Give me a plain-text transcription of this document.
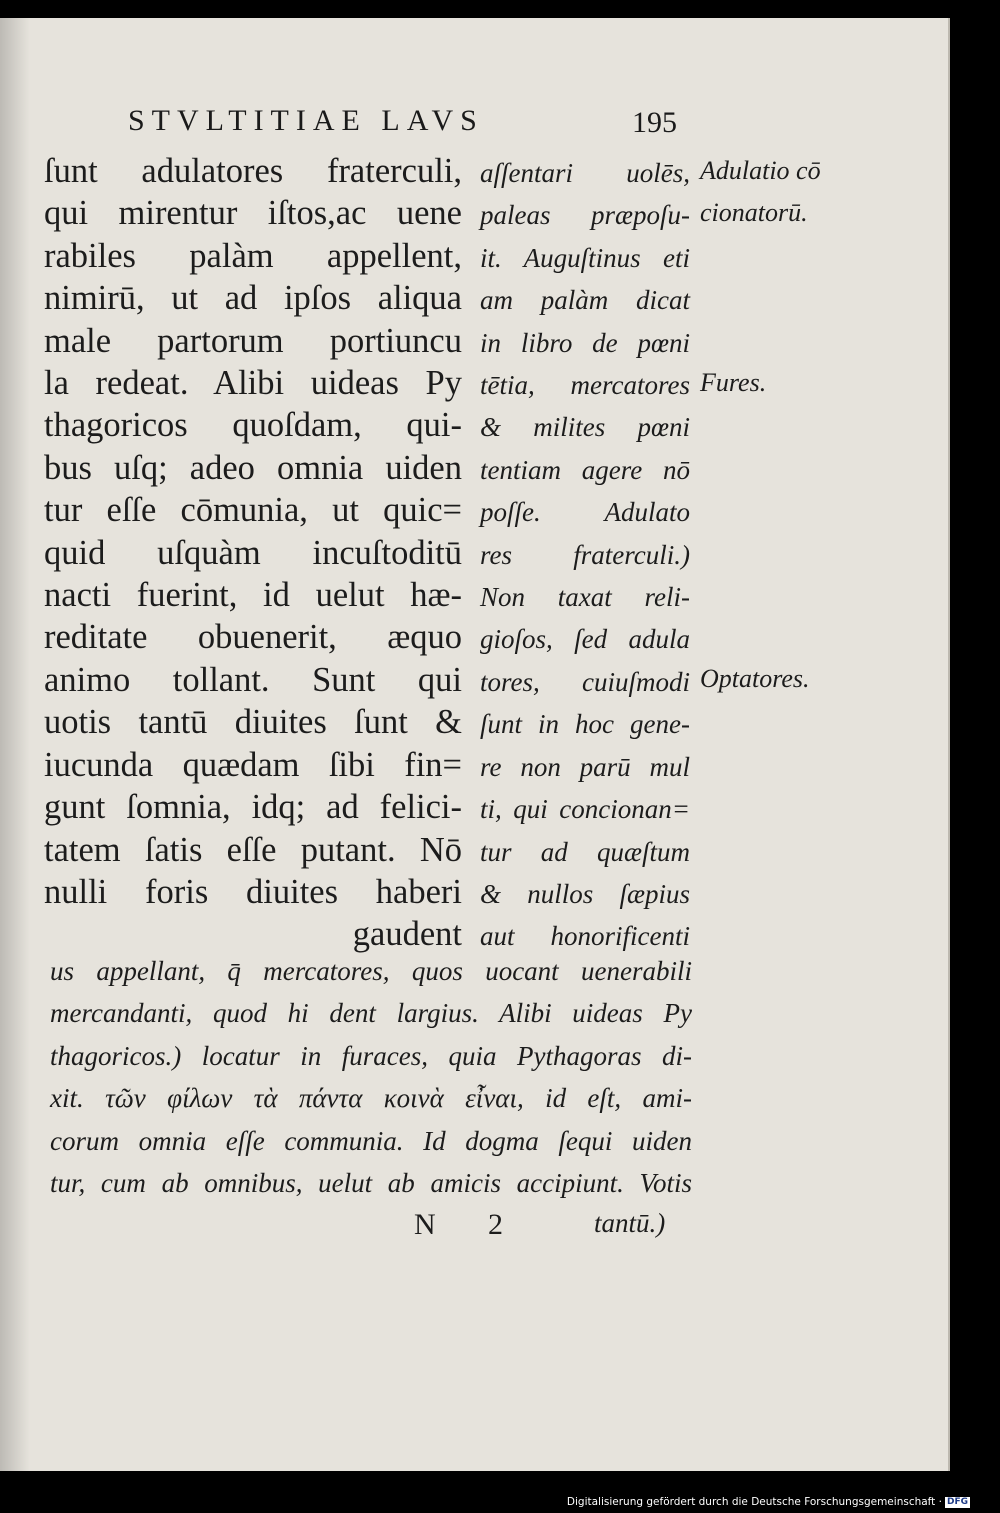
STVLTITIAE LAVS	195
ſunt adulatores fraterculi,
qui mirentur iſtos,ac uene
rabiles palàm appellent,
nimirū, ut ad ipſos aliqua
male partorum portiuncu
la redeat. Alibi uideas Py
thagoricos quoſdam, qui-
bus uſq; adeo omnia uiden
tur eſſe cōmunia, ut quic=
quid uſquàm incuſtoditū
nacti fuerint, id uelut hæ-
reditate obuenerit, æquo
animo tollant. Sunt qui
uotis tantū diuites ſunt &
iucunda quædam ſibi fin=
gunt ſomnia, idq; ad felici-
tatem ſatis eſſe putant. Nō
nulli foris diuites haberi
gaudent
aſſentari uolēs,
paleas præpoſu-
it. Auguſtinus eti
am palàm dicat
in libro de pœni
tētia, mercatores
& milites pœni
tentiam agere nō
poſſe. Adulato
res fraterculi.)
Non taxat reli-
gioſos, ſed adula
tores, cuiuſmodi
ſunt in hoc gene-
re non parū mul
ti, qui concionan=
tur ad quæſtum
& nullos ſæpius
aut honorificenti
Adulatio cō
cionatorū.
Fures.
Optatores.
us appellant, q̄ mercatores, quos uocant uenerabili
mercandanti, quod hi dent largius. Alibi uideas Py
thagoricos.) locatur in furaces, quia Pythagoras di-
xit. τῶν φίλων τὰ πάντα κοινὰ εἶναι, id eſt, ami-
corum omnia eſſe communia. Id dogma ſequi uiden
tur, cum ab omnibus, uelut ab amicis accipiunt. Votis
N 2	tantū.)
Digitalisierung gefördert durch die Deutsche Forschungsgemeinschaft · DFG
